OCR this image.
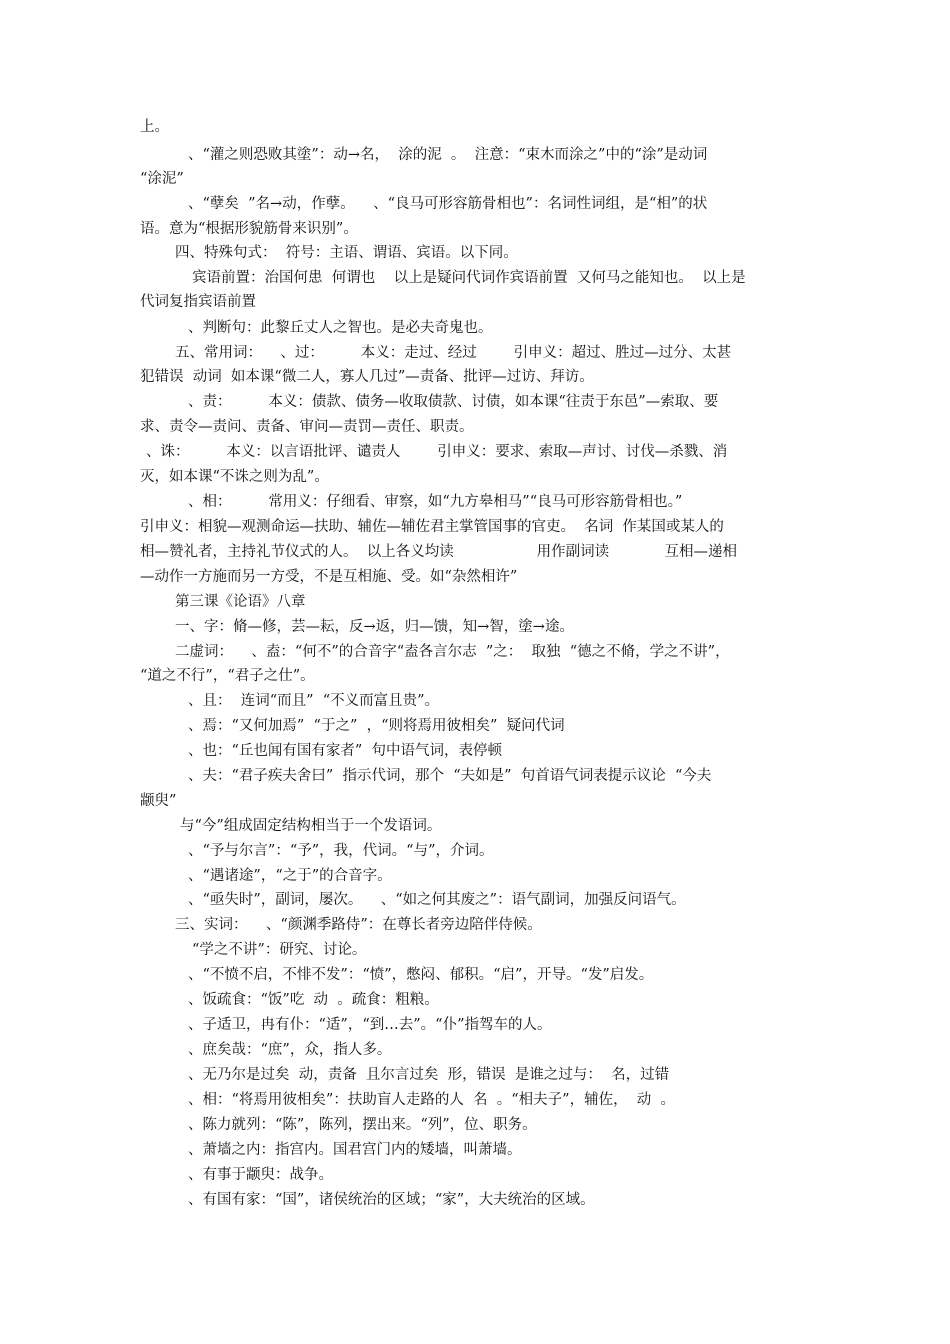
上。
、“灌之则恐败其塗”：动→名，  涂的泥  。  注意：“束木而涂之”中的“涂”是动词
“涂泥”
、“孽矣  ”名→动，作孽。    、“良马可形容筋骨相也”：名词性词组，是“相”的状
语。意为“根据形貌筋骨来识别”。
四、特殊句式：  符号：主语、谓语、宾语。以下同。
宾语前置：治国何患  何谓也    以上是疑问代词作宾语前置  又何马之能知也。  以上是
代词复指宾语前置
、判断句：此黎丘丈人之智也。是必夫奇鬼也。
五、常用词：    、过：        本义：走过、经过        引申义：超过、胜过—过分、太甚
犯错误  动词  如本课“微二人，寡人几过”—责备、批评—过访、拜访。
、责：        本义：债款、债务—收取债款、讨债，如本课“往责于东邑”—索取、要
求、责令—责问、责备、审问—责罚—责任、职责。
、诛：        本义：以言语批评、谴责人        引申义：要求、索取—声讨、讨伐—杀戮、消
灭，如本课“不诛之则为乱”。
、相：        常用义：仔细看、审察，如“九方皋相马”“良马可形容筋骨相也。”
引申义：相貌—观测命运—扶助、辅佐—辅佐君主掌管国事的官吏。  名词  作某国或某人的
相—赞礼者，主持礼节仪式的人。  以上各义均读                  用作副词读            互相—递相
—动作一方施而另一方受，不是互相施、受。如“杂然相许”
第三课《论语》八章
一、字：脩—修，芸—耘，反→返，归—馈，知→智，塗→途。
二虚词：    、盍：“何不”的合音字“盍各言尔志  ”之：  取独  “德之不脩，学之不讲”，
“道之不行”，“君子之仕”。
、且：  连词“而且”  “不义而富且贵”。
、焉：“又何加焉”  “于之”  ，“则将焉用彼相矣”  疑问代词
、也：“丘也闻有国有家者”  句中语气词，表停顿
、夫：“君子疾夫舍曰”  指示代词，那个  “夫如是”  句首语气词表提示议论  “今夫
颛臾”
与“今”组成固定结构相当于一个发语词。
、“予与尔言”：“予”，我，代词。“与”，介词。
、“遇诸途”，“之于”的合音字。
、“亟失时”，副词，屡次。    、“如之何其废之”：语气副词，加强反问语气。
三、实词：    、“颜渊季路侍”：在尊长者旁边陪伴侍候。
“学之不讲”：研究、讨论。
、“不愤不启，不悱不发”：“愤”，憋闷、郁积。“启”，开导。“发”启发。
、饭疏食：“饭”吃  动  。疏食：粗粮。
、子适卫，冉有仆：“适”，“到…去”。“仆”指驾车的人。
、庶矣哉：“庶”，众，指人多。
、无乃尔是过矣  动，责备  且尔言过矣  形，错误  是谁之过与：  名，过错
、相：“将焉用彼相矣”：扶助盲人走路的人  名  。“相夫子”，辅佐，  动  。
、陈力就列：“陈”，陈列，摆出来。“列”，位、职务。
、萧墙之内：指宫内。国君宫门内的矮墙，叫萧墙。
、有事于颛臾：战争。
、有国有家：“国”，诸侯统治的区域；“家”，大夫统治的区域。
